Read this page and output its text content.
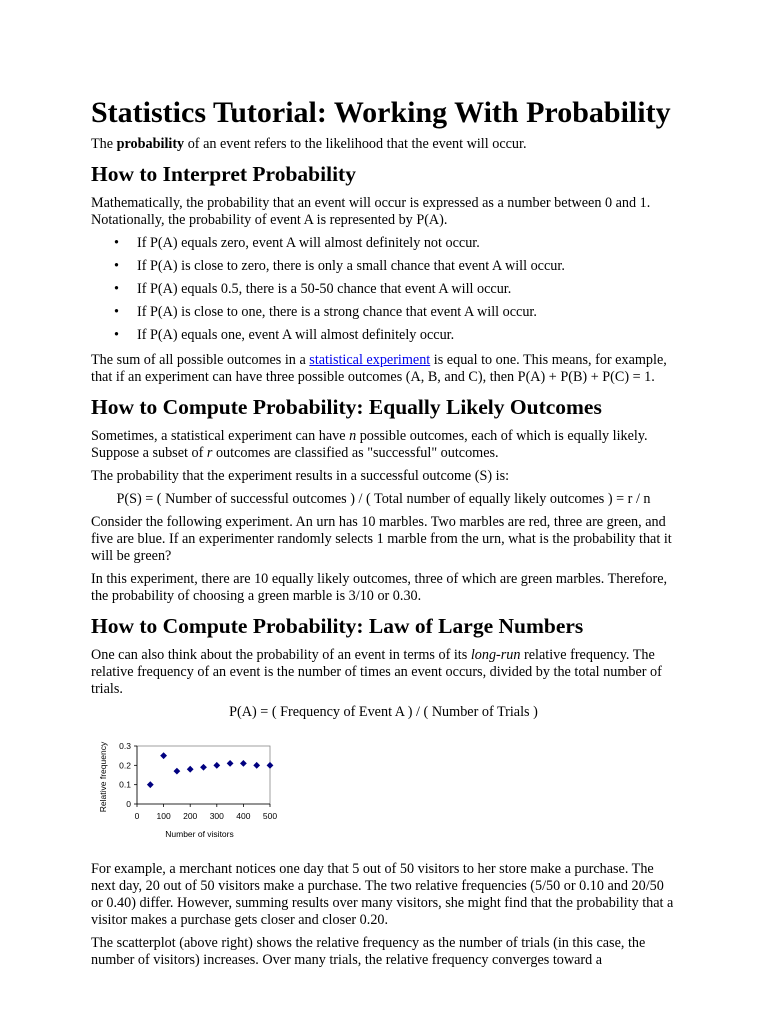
Statistics Tutorial: Working With Probability

The probability of an event refers to the likelihood that the event will occur.

How to Interpret Probability

Mathematically, the probability that an event will occur is expressed as a number between 0 and 1. Notationally, the probability of event A is represented by P(A).

• If P(A) equals zero, event A will almost definitely not occur.
• If P(A) is close to zero, there is only a small chance that event A will occur.
• If P(A) equals 0.5, there is a 50-50 chance that event A will occur.
• If P(A) is close to one, there is a strong chance that event A will occur.
• If P(A) equals one, event A will almost definitely occur.

The sum of all possible outcomes in a statistical experiment is equal to one. This means, for example, that if an experiment can have three possible outcomes (A, B, and C), then P(A) + P(B) + P(C) = 1.

How to Compute Probability: Equally Likely Outcomes

Sometimes, a statistical experiment can have n possible outcomes, each of which is equally likely. Suppose a subset of r outcomes are classified as "successful" outcomes.

The probability that the experiment results in a successful outcome (S) is:

P(S) = ( Number of successful outcomes ) / ( Total number of equally likely outcomes ) = r / n

Consider the following experiment. An urn has 10 marbles. Two marbles are red, three are green, and five are blue. If an experimenter randomly selects 1 marble from the urn, what is the probability that it will be green?

In this experiment, there are 10 equally likely outcomes, three of which are green marbles. Therefore, the probability of choosing a green marble is 3/10 or 0.30.

How to Compute Probability: Law of Large Numbers

One can also think about the probability of an event in terms of its long-run relative frequency. The relative frequency of an event is the number of times an event occurs, divided by the total number of trials.

P(A) = ( Frequency of Event A ) / ( Number of Trials )

For example, a merchant notices one day that 5 out of 50 visitors to her store make a purchase. The next day, 20 out of 50 visitors make a purchase. The two relative frequencies (5/50 or 0.10 and 20/50 or 0.40) differ. However, summing results over many visitors, she might find that the probability that a visitor makes a purchase gets closer and closer 0.20.

The scatterplot (above right) shows the relative frequency as the number of trials (in this case, the number of visitors) increases. Over many trials, the relative frequency converges toward a

0
0.1
0.2
0.3
0 100 200 300 400 500
Number of visitors
Relative frequency
